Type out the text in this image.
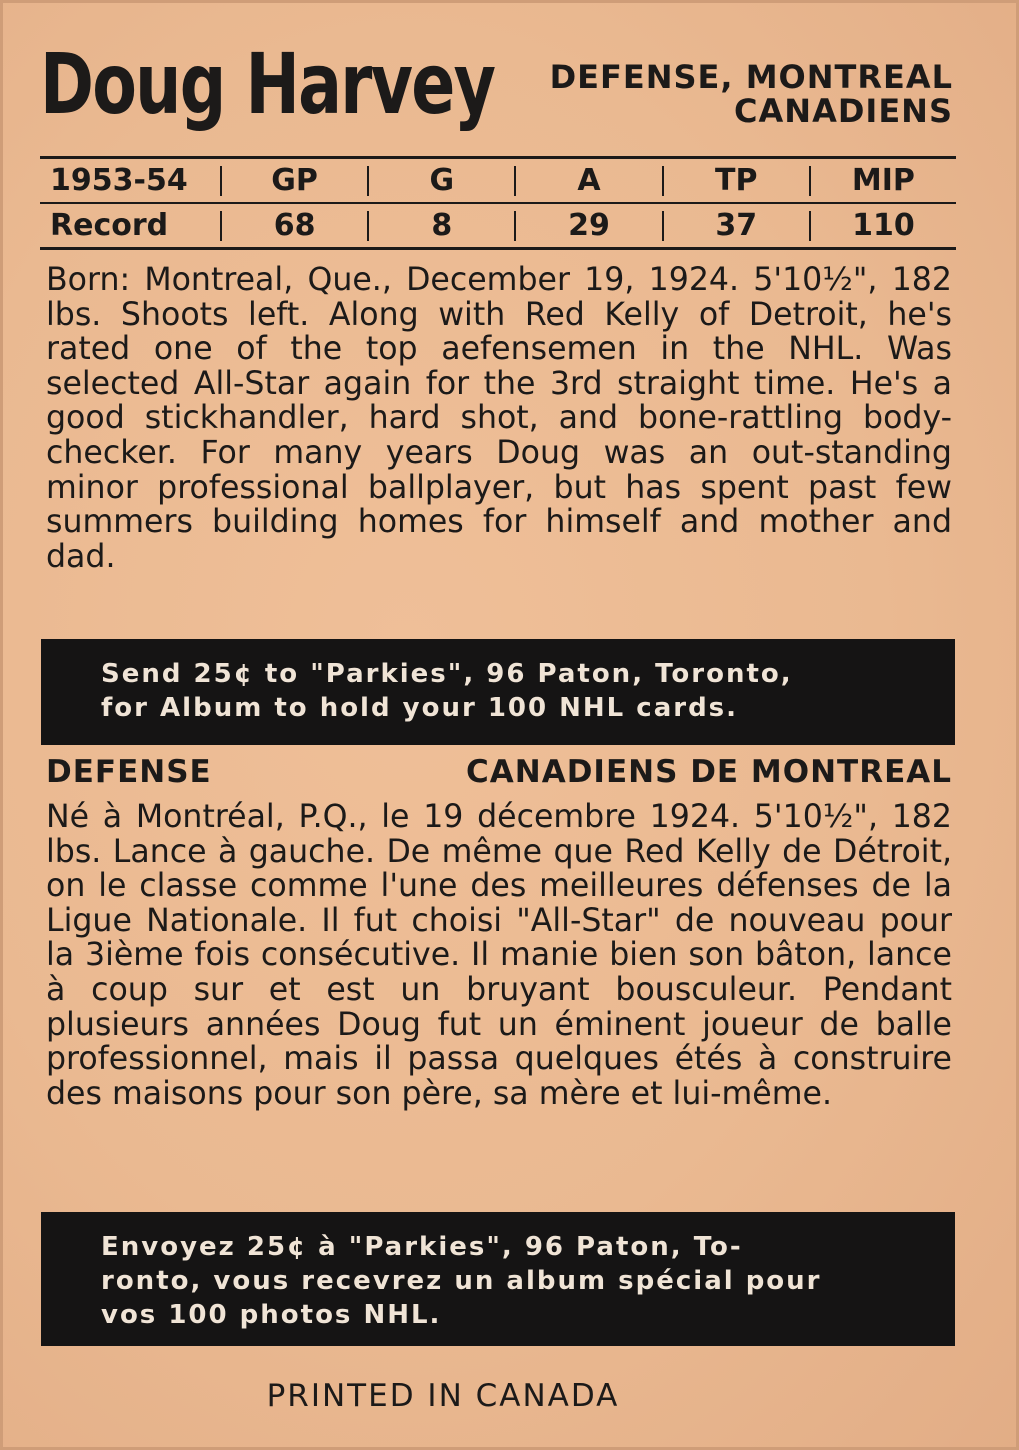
Doug Harvey DEFENSE, MONTREAL
CANADIENS
1953-54	GP	G	A	TP	MIP
Record	68	8	29	37	110

Born: Montreal, Que., December 19, 1924. 5'10½", 182 lbs. Shoots left. Along with Red Kelly of Detroit, he's rated one of the top aefensemen in the NHL. Was selected All-Star again for the 3rd straight time. He's a good stickhandler, hard shot, and bone-rattling body-checker. For many years Doug was an out-standing minor professional ballplayer, but has spent past few summers building homes for himself and mother and dad.

Send 25¢ to "Parkies", 96 Paton, Toronto,
for Album to hold your 100 NHL cards.
DEFENSE	CANADIENS DE MONTREAL

Né à Montréal, P.Q., le 19 décembre 1924. 5'10½", 182 lbs. Lance à gauche. De même que Red Kelly de Détroit, on le classe comme l'une des meilleures défenses de la Ligue Nationale. Il fut choisi "All-Star" de nouveau pour la 3ième fois consécutive. Il manie bien son bâton, lance à coup sur et est un bruyant bousculeur. Pendant plusieurs années Doug fut un éminent joueur de balle professionnel, mais il passa quelques étés à construire des maisons pour son père, sa mère et lui-même.

Envoyez 25¢ à "Parkies", 96 Paton, To-
ronto, vous recevrez un album spécial pour
vos 100 photos NHL.
PRINTED IN CANADA
